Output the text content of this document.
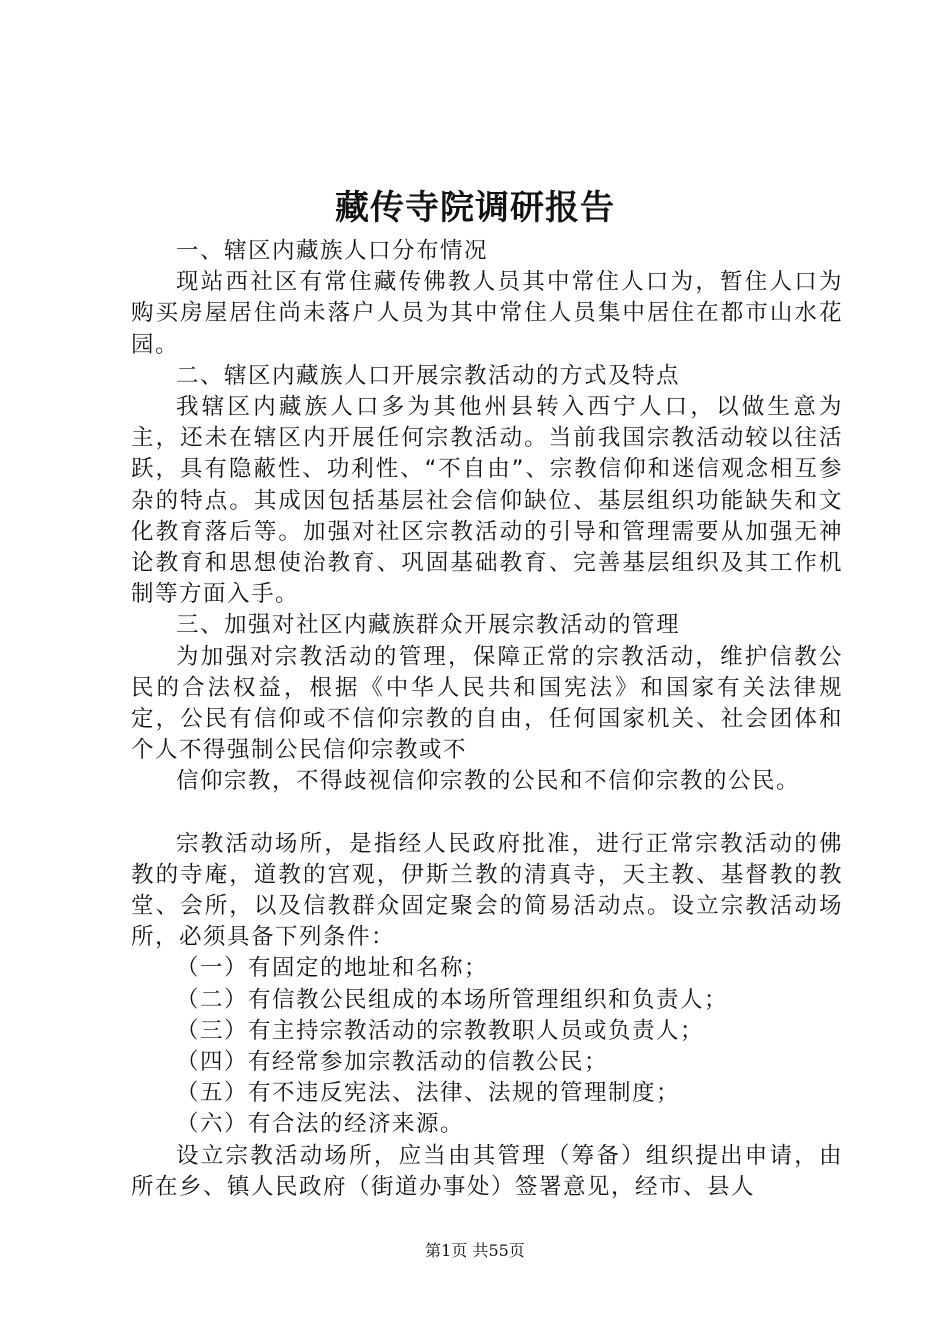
藏传寺院调研报告

一、辖区内藏族人口分布情况

现站西社区有常住藏传佛教人员其中常住人口为，暂住人口为购买房屋居住尚未落户人员为其中常住人员集中居住在都市山水花园。

二、辖区内藏族人口开展宗教活动的方式及特点

我辖区内藏族人口多为其他州县转入西宁人口，以做生意为主，还未在辖区内开展任何宗教活动。当前我国宗教活动较以往活跃，具有隐蔽性、功利性、“不自由”、宗教信仰和迷信观念相互参杂的特点。其成因包括基层社会信仰缺位、基层组织功能缺失和文化教育落后等。加强对社区宗教活动的引导和管理需要从加强无神论教育和思想使治教育、巩固基础教育、完善基层组织及其工作机制等方面入手。

三、加强对社区内藏族群众开展宗教活动的管理

为加强对宗教活动的管理，保障正常的宗教活动，维护信教公民的合法权益，根据《中华人民共和国宪法》和国家有关法律规定，公民有信仰或不信仰宗教的自由，任何国家机关、社会团体和个人不得强制公民信仰宗教或不

信仰宗教，不得歧视信仰宗教的公民和不信仰宗教的公民。

宗教活动场所，是指经人民政府批准，进行正常宗教活动的佛教的寺庵，道教的宫观，伊斯兰教的清真寺，天主教、基督教的教堂、会所，以及信教群众固定聚会的简易活动点。设立宗教活动场所，必须具备下列条件：

（一）有固定的地址和名称；

（二）有信教公民组成的本场所管理组织和负责人；

（三）有主持宗教活动的宗教教职人员或负责人；

（四）有经常参加宗教活动的信教公民；

（五）有不违反宪法、法律、法规的管理制度；

（六）有合法的经济来源。

设立宗教活动场所，应当由其管理（筹备）组织提出申请，由所在乡、镇人民政府（街道办事处）签署意见，经市、县人

第1页 共55页
